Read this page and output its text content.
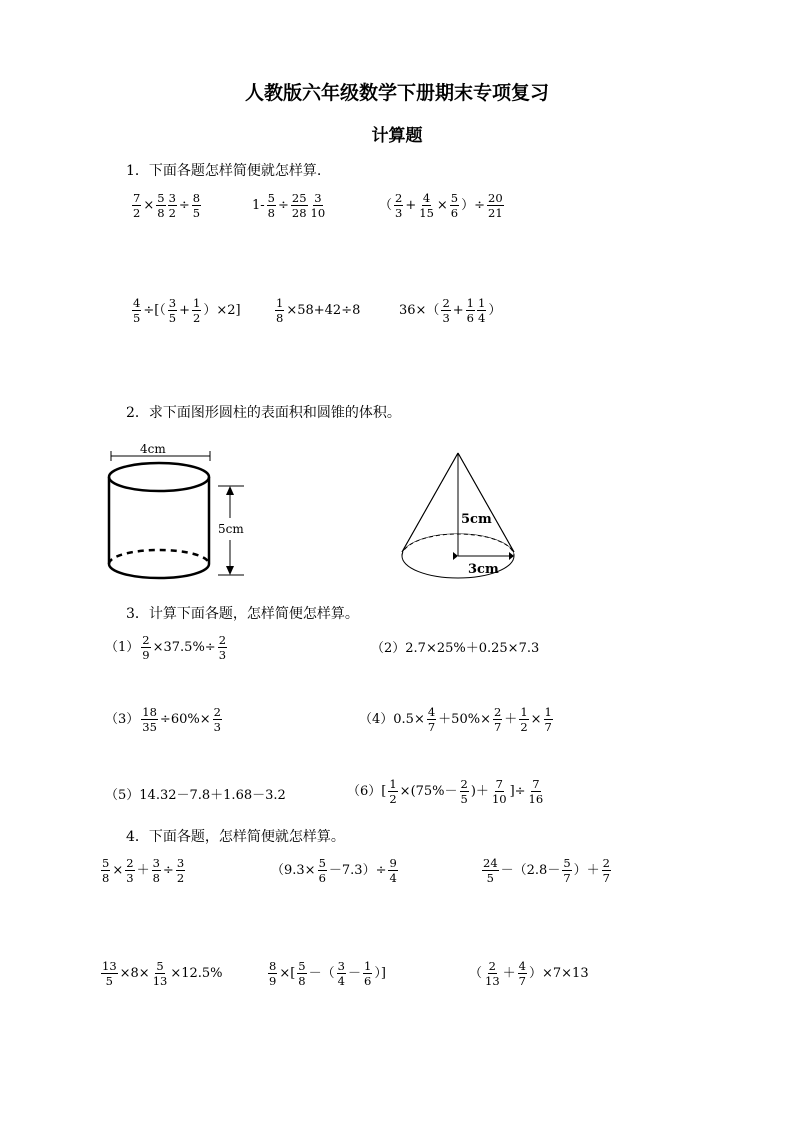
人教版六年级数学下册期末专项复习
计算题
1．下面各题怎样简便就怎样算.
$\frac{7}{2} \times \frac{5}{8} \frac{3}{2} \div \frac{8}{5}$	$1- \frac{5}{8} \div \frac{25}{28} \frac{3}{10}$	（ $\frac{2}{3} + \frac{4}{15} \times \frac{5}{6}$ ）÷ $\frac{20}{21}$
$\frac{4}{5}$ ÷[（ $\frac{3}{5} + \frac{1}{2} )\times 2$]	$\frac{1}{8} \times 58+42\div 8$	$36\times( \frac{2}{3} + \frac{1}{6} \frac{1}{4}$ ）
2．求下面图形圆柱的表面积和圆锥的体积。
4cm
5cm
5cm
3cm
3．计算下面各题，怎样简便怎样算。
$(1) \frac{2}{9} \times 37.5\%\div \frac{2}{3}$	（2）2.7×25%＋0.25×7.3
$(3) \frac{18}{35} \div 60\%\times \frac{2}{3}$	$(4)0.5\times \frac{4}{7} +50\%\times \frac{2}{7} + \frac{1}{2} \times \frac{1}{7}$
（5）14.32－7.8＋1.68－3.2	$(6)[ \frac{1}{2} \times(75\%- \frac{2}{5}$ )＋ $\frac{7}{10}$ ]÷ $\frac{7}{16}$
4．下面各题，怎样简便就怎样算。
$\frac{5}{8} \times \frac{2}{3} + \frac{3}{8} \div \frac{3}{2}$	$(9.3\times \frac{5}{6} -7.3)\div \frac{9}{4}$	$\frac{24}{5} -(2.8- \frac{5}{7}$ ）＋ $\frac{2}{7}$
$\frac{13}{5} \times 8\times \frac{5}{13} \times 12.5\%$	$\frac{8}{9}$ ×[ $\frac{5}{8}$ －（ $\frac{3}{4} - \frac{1}{6}$ ）]	（ $\frac{2}{13} + \frac{4}{7} )\times 7\times 13$
